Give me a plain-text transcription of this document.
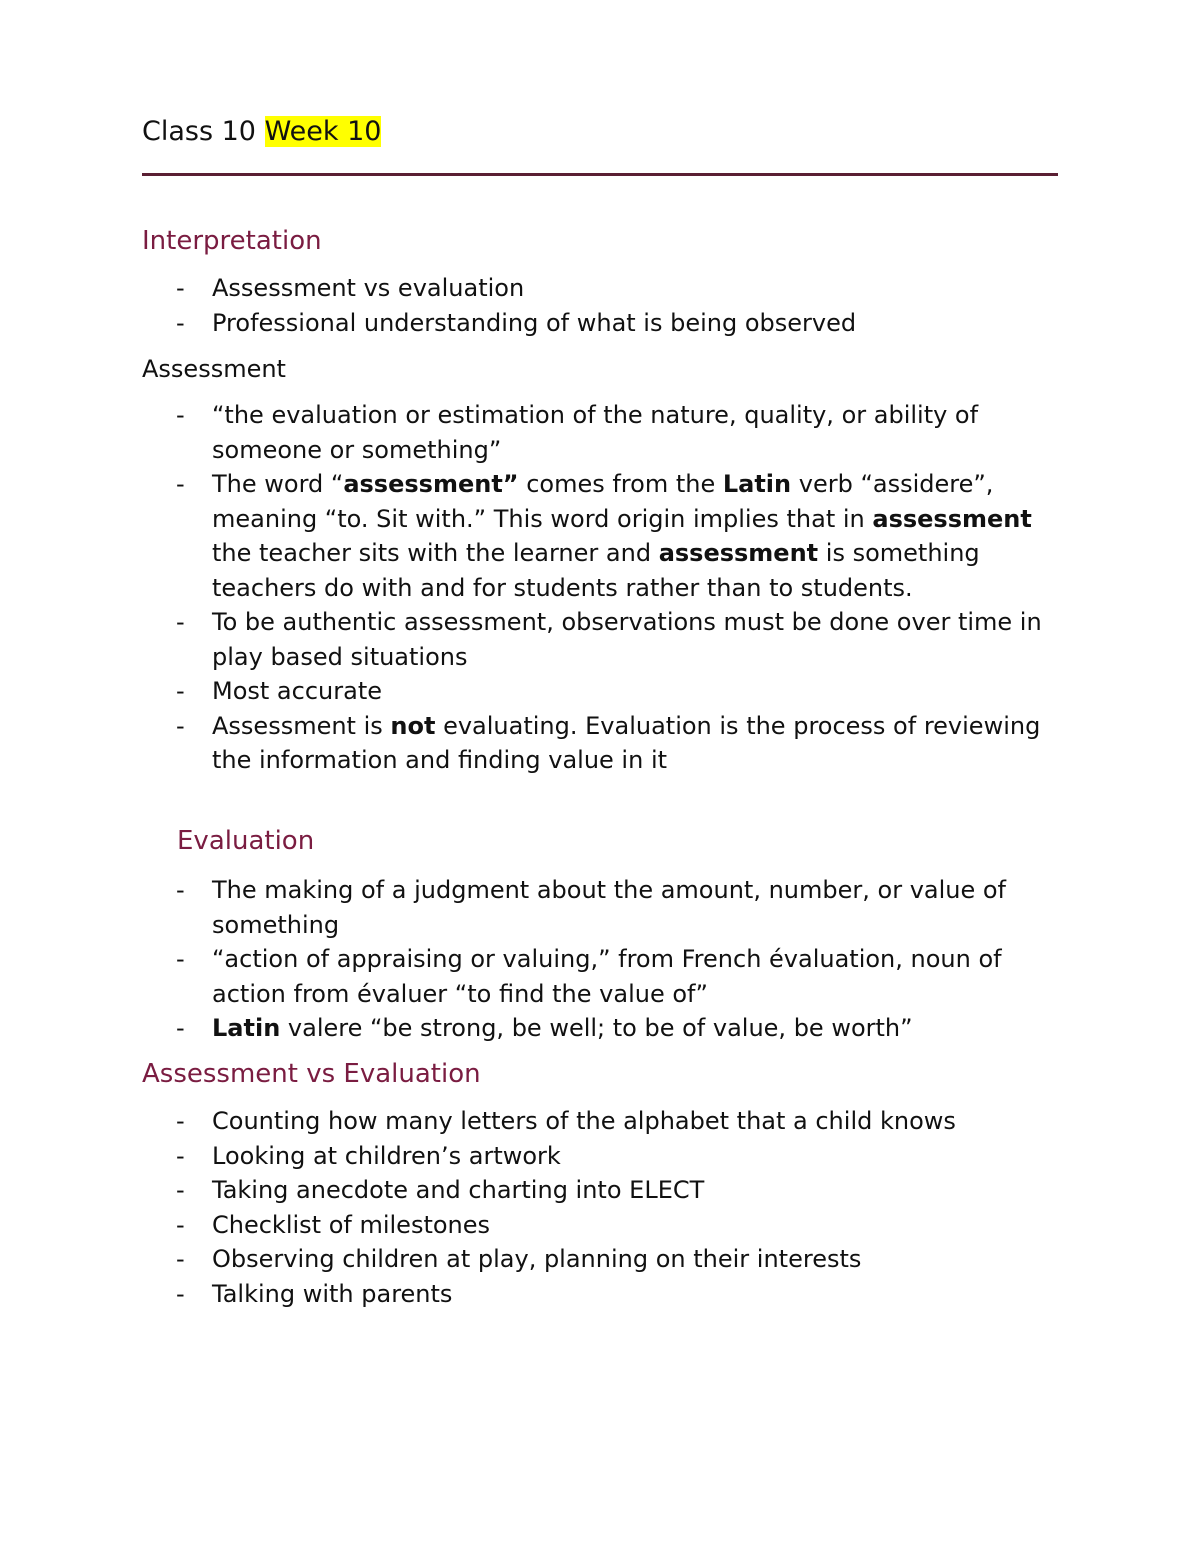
Class 10 Week 10
Interpretation
- Assessment vs evaluation
- Professional understanding of what is being observed
Assessment
- “the evaluation or estimation of the nature, quality, or ability of someone or something”
- The word “assessment” comes from the Latin verb “assidere”, meaning “to. Sit with.” This word origin implies that in assessment the teacher sits with the learner and assessment is something teachers do with and for students rather than to students.
- To be authentic assessment, observations must be done over time in play based situations
- Most accurate
- Assessment is not evaluating. Evaluation is the process of reviewing the information and finding value in it
Evaluation
- The making of a judgment about the amount, number, or value of something
- “action of appraising or valuing,” from French évaluation, noun of action from évaluer “to find the value of”
- Latin valere “be strong, be well; to be of value, be worth”
Assessment vs Evaluation
- Counting how many letters of the alphabet that a child knows
- Looking at children’s artwork
- Taking anecdote and charting into ELECT
- Checklist of milestones
- Observing children at play, planning on their interests
- Talking with parents
